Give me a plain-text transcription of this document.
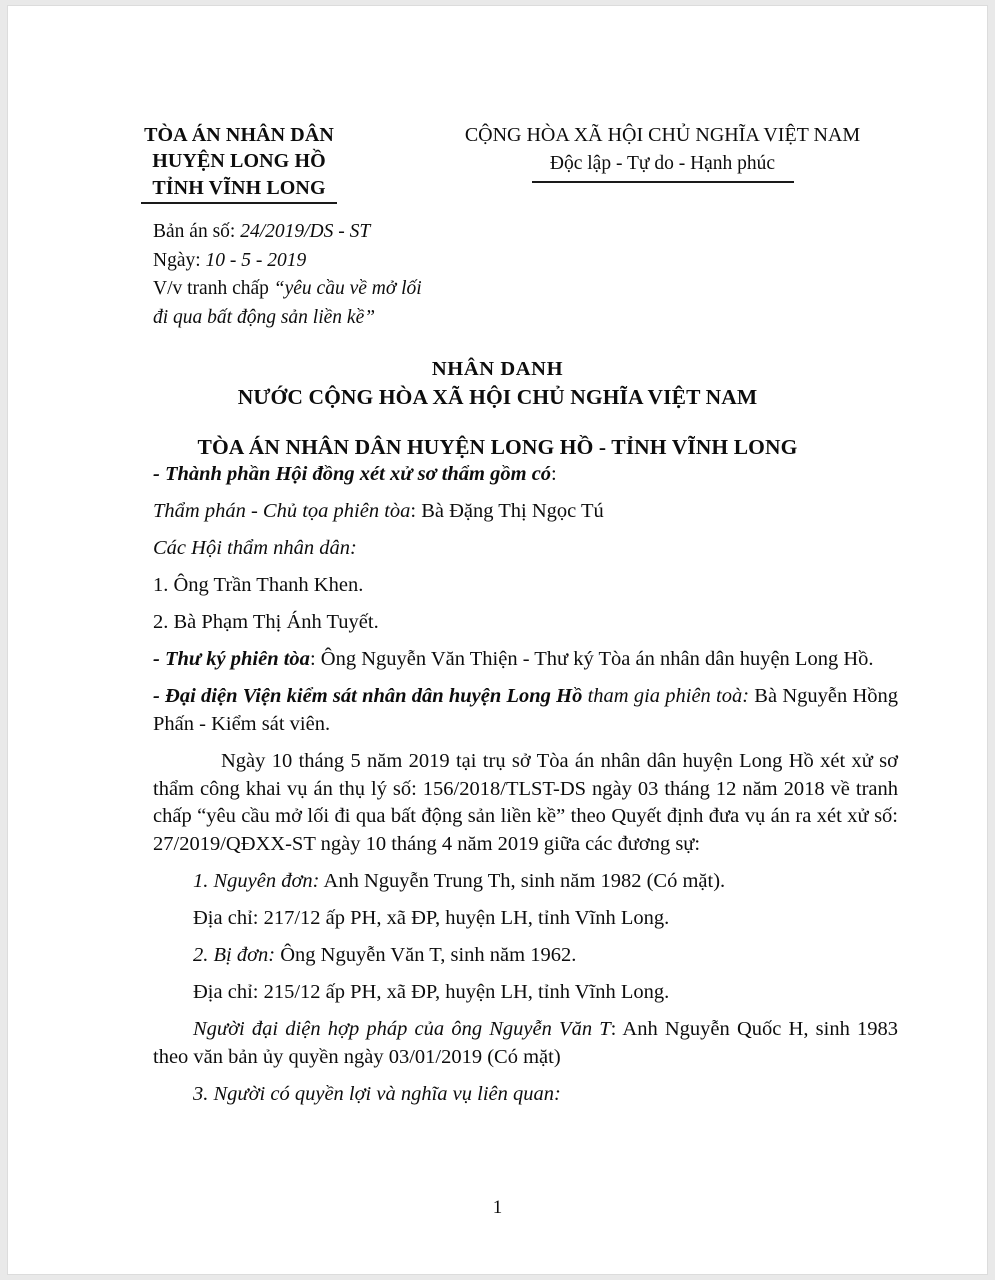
TÒA ÁN NHÂN DÂN
HUYỆN LONG HỒ
TỈNH VĨNH LONG
CỘNG HÒA XÃ HỘI CHỦ NGHĨA VIỆT NAM
Độc lập - Tự do - Hạnh phúc
Bản án số: 24/2019/DS - ST
Ngày: 10 - 5 - 2019
V/v tranh chấp “yêu cầu về mở lối
đi qua bất động sản liền kề”
NHÂN DANH
NƯỚC CỘNG HÒA XÃ HỘI CHỦ NGHĨA VIỆT NAM
TÒA ÁN NHÂN DÂN HUYỆN LONG HỒ - TỈNH VĨNH LONG

- Thành phần Hội đồng xét xử sơ thẩm gồm có:

Thẩm phán - Chủ tọa phiên tòa: Bà Đặng Thị Ngọc Tú

Các Hội thẩm nhân dân:

1. Ông Trần Thanh Khen.

2. Bà Phạm Thị Ánh Tuyết.

- Thư ký phiên tòa: Ông Nguyễn Văn Thiện - Thư ký Tòa án nhân dân huyện Long Hồ.

- Đại diện Viện kiểm sát nhân dân huyện Long Hồ tham gia phiên toà: Bà Nguyễn Hồng Phấn - Kiểm sát viên.

Ngày 10 tháng 5 năm 2019 tại trụ sở Tòa án nhân dân huyện Long Hồ xét xử sơ thẩm công khai vụ án thụ lý số: 156/2018/TLST-DS ngày 03 tháng 12 năm 2018 về tranh chấp “yêu cầu mở lối đi qua bất động sản liền kề” theo Quyết định đưa vụ án ra xét xử số: 27/2019/QĐXX-ST ngày 10 tháng 4 năm 2019 giữa các đương sự:

1. Nguyên đơn: Anh Nguyễn Trung Th, sinh năm 1982 (Có mặt).

Địa chỉ: 217/12 ấp PH, xã ĐP, huyện LH, tỉnh Vĩnh Long.

2. Bị đơn: Ông Nguyễn Văn T, sinh năm 1962.

Địa chỉ: 215/12 ấp PH, xã ĐP, huyện LH, tỉnh Vĩnh Long.

Người đại diện hợp pháp của ông Nguyễn Văn T: Anh Nguyễn Quốc H, sinh 1983 theo văn bản ủy quyền ngày 03/01/2019 (Có mặt)

3. Người có quyền lợi và nghĩa vụ liên quan:

1
